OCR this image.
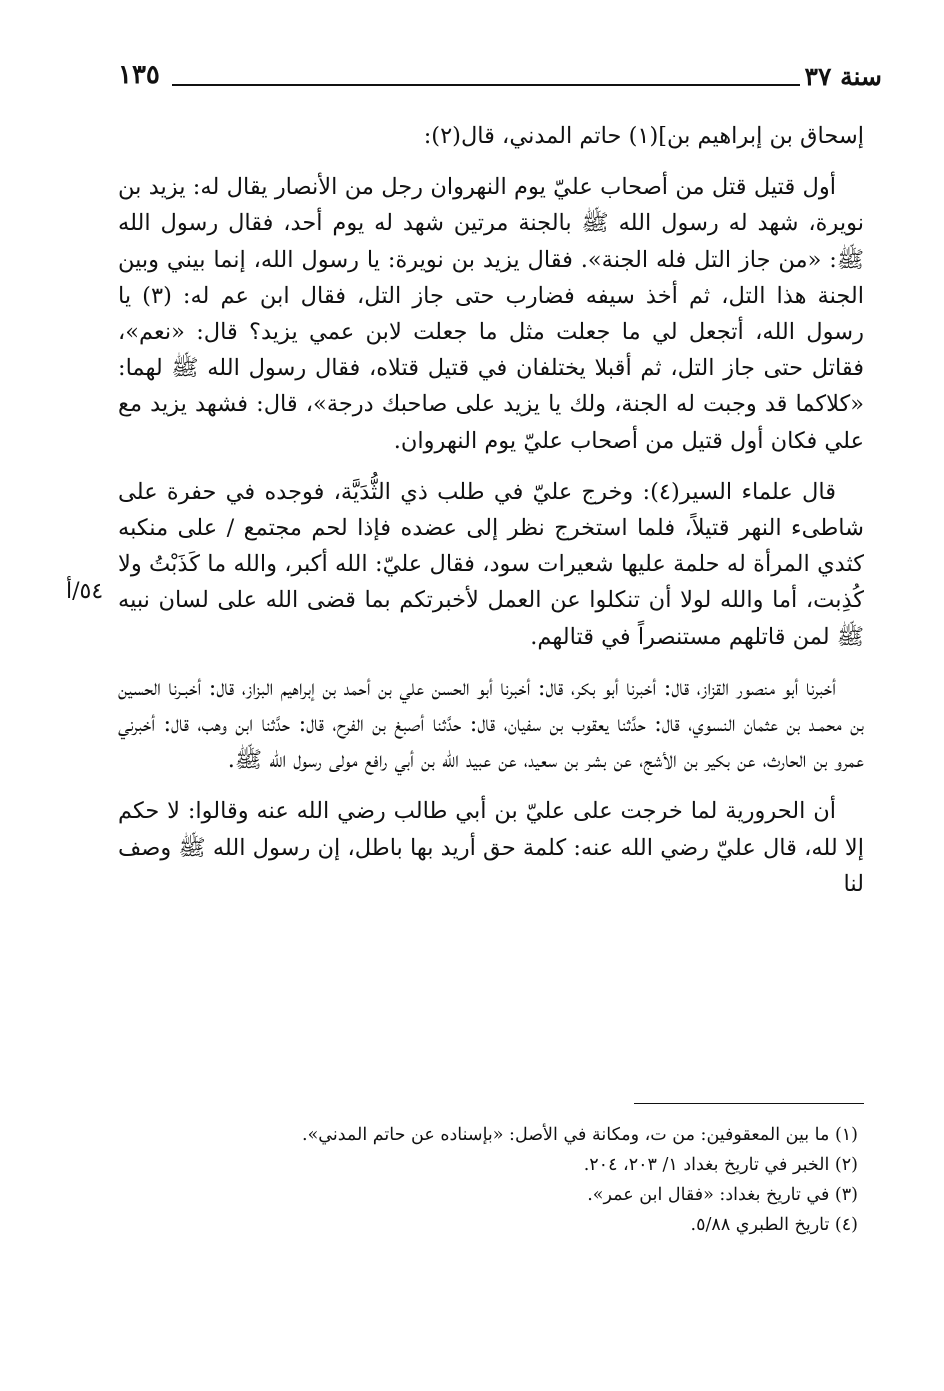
سنة ٣٧
١٣٥
٥٤/أ

إسحاق بن إبراهيم بن](١) حاتم المدني، قال(٢):

أول قتيل قتل من أصحاب عليّ يوم النهروان رجل من الأنصار يقال له: يزيد بن نويرة، شهد له رسول الله ﷺ بالجنة مرتين شهد له يوم أحد، فقال رسول الله ﷺ: «من جاز التل فله الجنة». فقال يزيد بن نويرة: يا رسول الله، إنما بيني وبين الجنة هذا التل، ثم أخذ سيفه فضارب حتى جاز التل، فقال ابن عم له: (٣) يا رسول الله، أتجعل لي ما جعلت مثل ما جعلت لابن عمي يزيد؟ قال: «نعم»، فقاتل حتى جاز التل، ثم أقبلا يختلفان في قتيل قتلاه، فقال رسول الله ﷺ لهما: «كلاكما قد وجبت له الجنة، ولك يا يزيد على صاحبك درجة»، قال: فشهد يزيد مع علي فكان أول قتيل من أصحاب عليّ يوم النهروان.

قال علماء السير(٤): وخرج عليّ في طلب ذي الثُّدَيَّة، فوجده في حفرة على شاطىء النهر قتيلاً، فلما استخرج نظر إلى عضده فإذا لحم مجتمع / على منكبه كثدي المرأة له حلمة عليها شعيرات سود، فقال عليّ: الله أكبر، والله ما كَذَبْتُ ولا كُذِبت، أما والله لولا أن تنكلوا عن العمل لأخبرتكم بما قضى الله على لسان نبيه ﷺ لمن قاتلهم مستنصراً في قتالهم.

أخبرنا أبو منصور القزاز، قال: أخبرنا أبو بكر، قال: أخبرنا أبو الحسن علي بن أحمد بن إبراهيم البزاز، قال: أخبـرنا الحسين بن محمـد بن عثمان النسوي، قال: حدَّثنا يعقوب بن سفيان، قال: حدَّثنا أصبغ بن الفرح، قال: حدَّثنا ابن وهب، قال: أخبرني عمرو بن الحارث، عن بكير بن الأشج، عن بشر بن سعيد، عن عبيد الله بن أبي رافع مولى رسول الله ﷺ.

أن الحرورية لما خرجت على عليّ بن أبي طالب رضي الله عنه وقالوا: لا حكم إلا لله، قال عليّ رضي الله عنه: كلمة حق أريد بها باطل، إن رسول الله ﷺ وصف لنا

(١) ما بين المعقوفين: من ت، ومكانة في الأصل: «بإسناده عن حاتم المدني».

(٢) الخبر في تاريخ بغداد ١/ ٢٠٣، ٢٠٤.

(٣) في تاريخ بغداد: «فقال ابن عمر».

(٤) تاريخ الطبري ٥/٨٨.
